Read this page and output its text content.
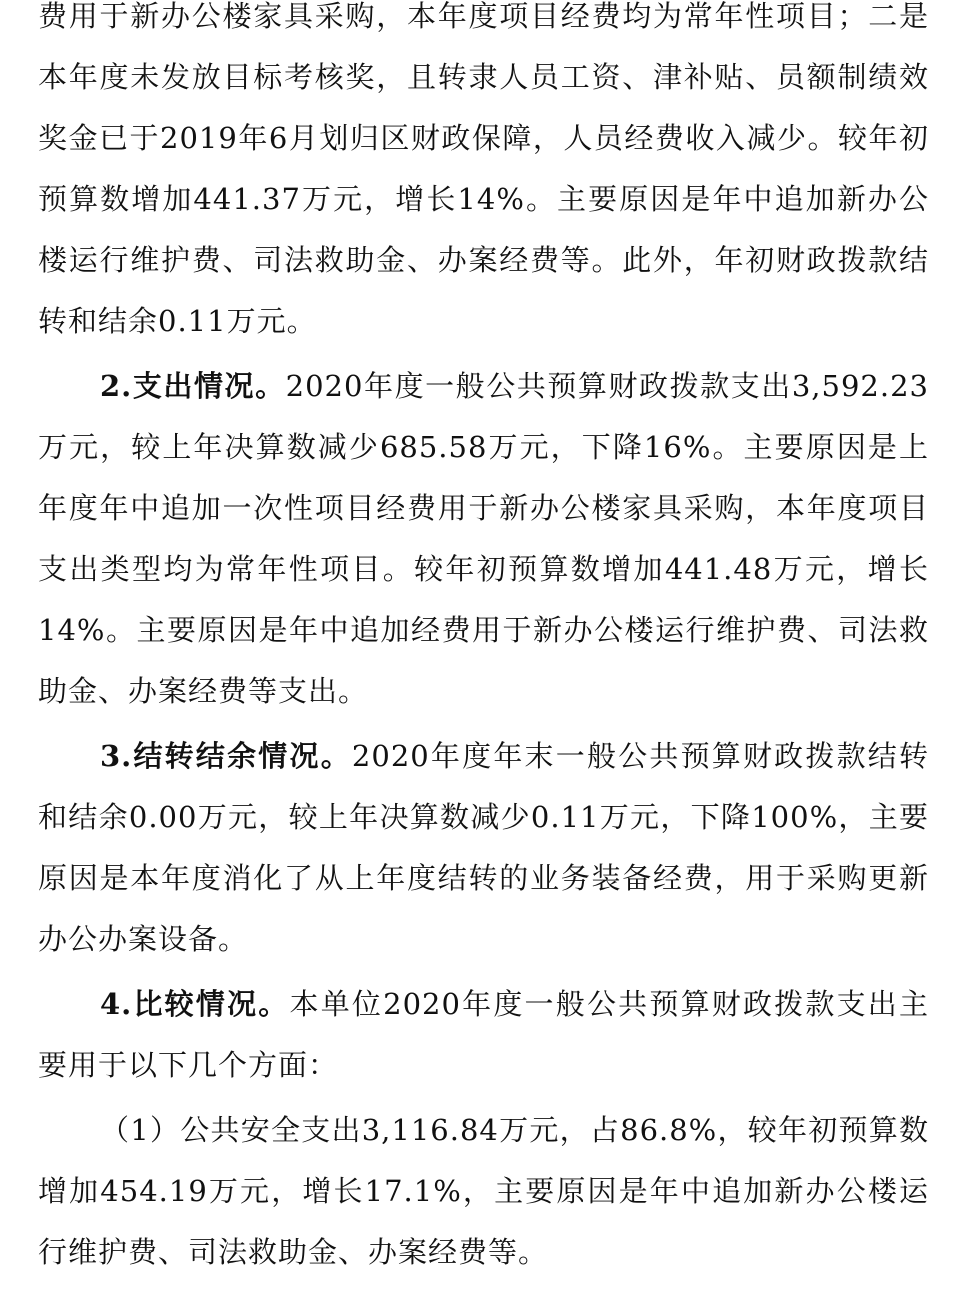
费用于新办公楼家具采购，本年度项目经费均为常年性项目；二是本年度未发放目标考核奖，且转隶人员工资、津补贴、员额制绩效奖金已于2019年6月划归区财政保障，人员经费收入减少。较年初预算数增加441.37万元，增长14%。主要原因是年中追加新办公楼运行维护费、司法救助金、办案经费等。此外，年初财政拨款结转和结余0.11万元。

2.支出情况。2020年度一般公共预算财政拨款支出3,592.23万元，较上年决算数减少685.58万元，下降16%。主要原因是上年度年中追加一次性项目经费用于新办公楼家具采购，本年度项目支出类型均为常年性项目。较年初预算数增加441.48万元，增长14%。主要原因是年中追加经费用于新办公楼运行维护费、司法救助金、办案经费等支出。

3.结转结余情况。2020年度年末一般公共预算财政拨款结转和结余0.00万元，较上年决算数减少0.11万元，下降100%，主要原因是本年度消化了从上年度结转的业务装备经费，用于采购更新办公办案设备。

4.比较情况。本单位2020年度一般公共预算财政拨款支出主要用于以下几个方面：

（1）公共安全支出3,116.84万元，占86.8%，较年初预算数增加454.19万元，增长17.1%，主要原因是年中追加新办公楼运行维护费、司法救助金、办案经费等。
